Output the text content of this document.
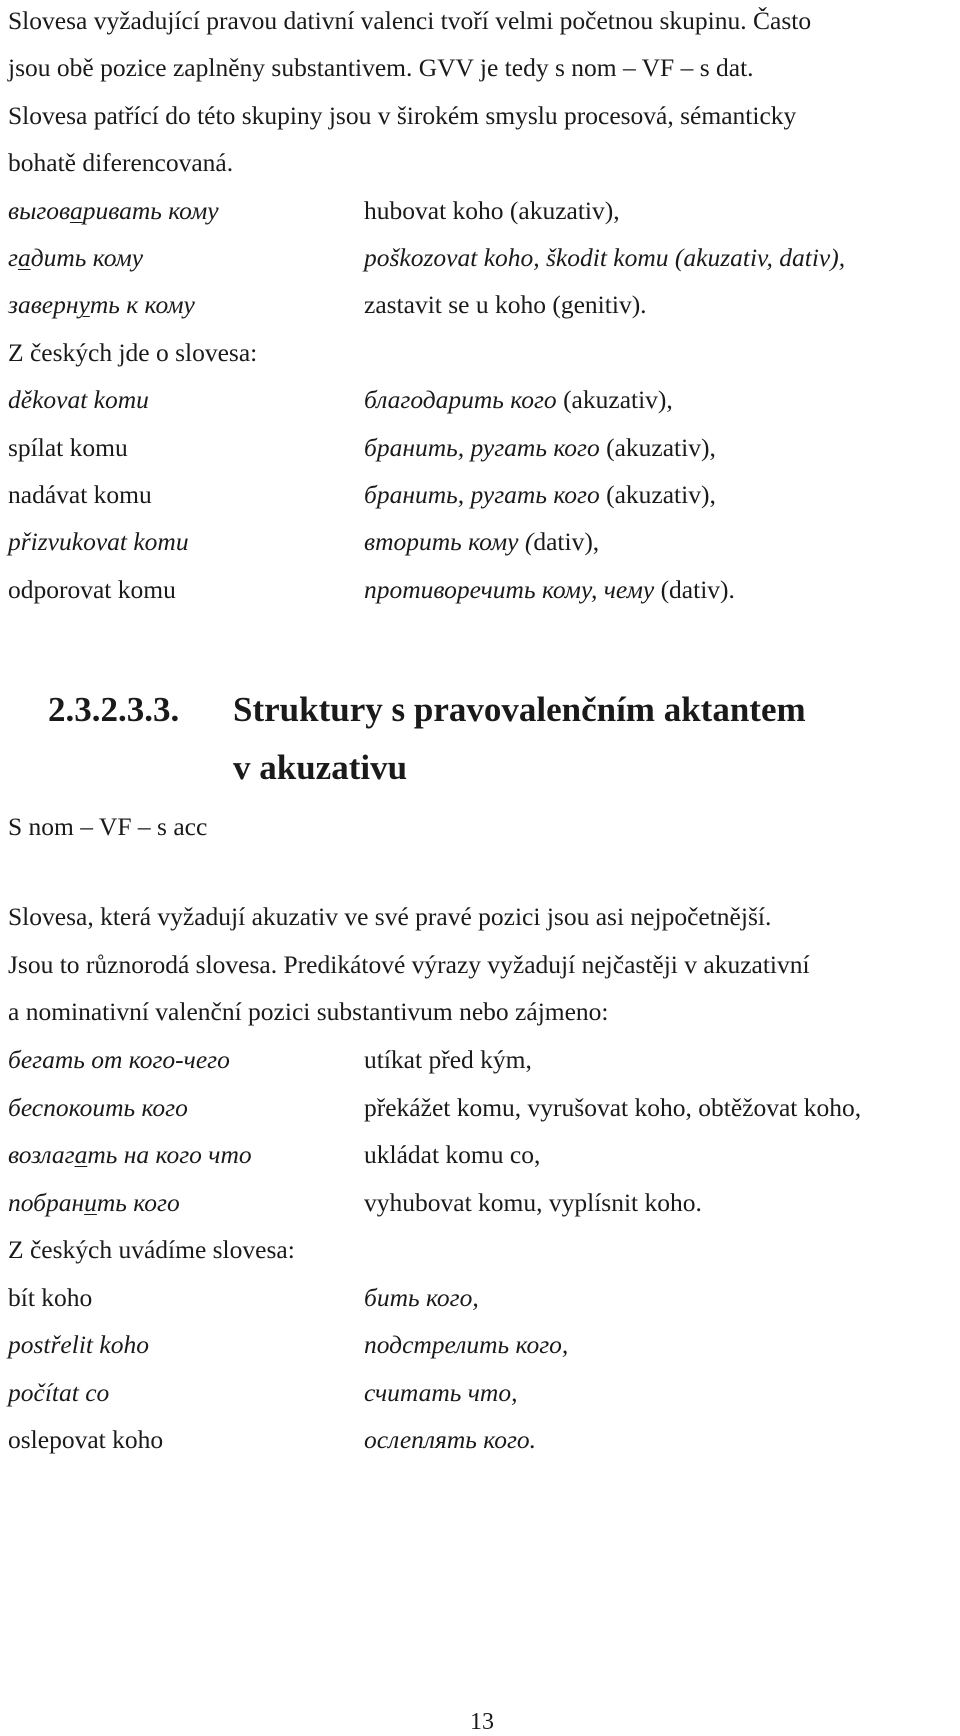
Slovesa vyžadující pravou dativní valenci tvoří velmi početnou skupinu. Často
jsou obě pozice zaplněny substantivem. GVV je tedy s nom – VF – s dat.
Slovesa patřící do této skupiny jsou v širokém smyslu procesová, sémanticky
bohatě diferencovaná.
выговаривать кому	hubovat koho (akuzativ),
гадить кому	poškozovat koho, škodit komu (akuzativ, dativ),
завернуть к кому	zastavit se u koho (genitiv).
Z českých jde o slovesa:
děkovat komu	благодарить кого (akuzativ),
spílat komu	бранить, ругать кого (akuzativ),
nadávat komu	бранить, ругать кого (akuzativ),
přizvukovat komu	вторить кому (dativ),
odporovat komu	противоречить кому, чему (dativ).
2.3.2.3.3. Struktury s pravovalenčním aktantem
v akuzativu
S nom – VF – s acc
Slovesa, která vyžadují akuzativ ve své pravé pozici jsou asi nejpočetnější.
Jsou to různorodá slovesa. Predikátové výrazy vyžadují nejčastěji v akuzativní
a nominativní valenční pozici substantivum nebo zájmeno:
бегать от кого-чего	utíkat před kým,
беспокоить кого	překážet komu, vyrušovat koho, obtěžovat koho,
возлагать на кого что	ukládat komu co,
побранить кого	vyhubovat komu, vyplísnit koho.
Z českých uvádíme slovesa:
bít koho	бить кого,
postřelit koho	подстрелить кого,
počítat co	считать что,
oslepovat koho	ослеплять кого.
13
